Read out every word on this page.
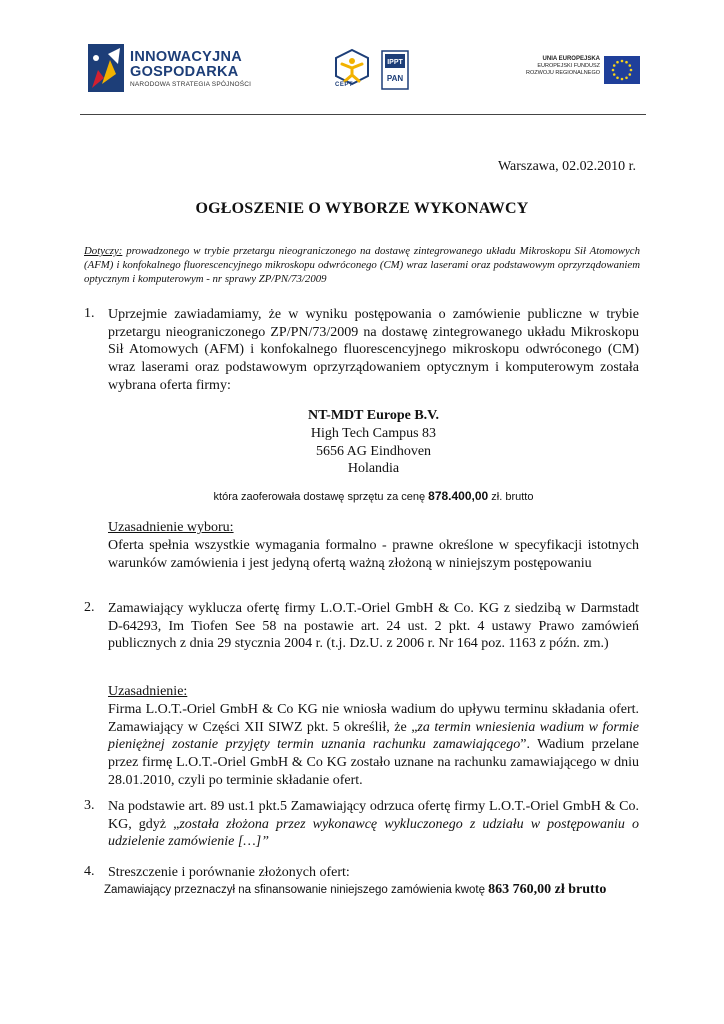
INNOWACYJNA
GOSPODARKA
NARODOWA STRATEGIA SPÓJNOŚCI	CEPT
IPPT
PAN
UNIA EUROPEJSKA
EUROPEJSKI FUNDUSZ
ROZWOJU REGIONALNEGO
Warszawa, 02.02.2010 r.
OGŁOSZENIE O WYBORZE WYKONAWCY
Dotyczy: prowadzonego w trybie przetargu nieograniczonego na dostawę zintegrowanego układu Mikroskopu Sił Atomowych (AFM) i konfokalnego fluorescencyjnego mikroskopu odwróconego (CM) wraz laserami oraz podstawowym oprzyrządowaniem optycznym i komputerowym - nr sprawy ZP/PN/73/2009
1. Uprzejmie zawiadamiamy, że w wyniku postępowania o zamówienie publiczne w trybie przetargu nieograniczonego ZP/PN/73/2009 na dostawę zintegrowanego układu Mikroskopu Sił Atomowych (AFM) i konfokalnego fluorescencyjnego mikroskopu odwróconego (CM) wraz laserami oraz podstawowym oprzyrządowaniem optycznym i komputerowym została wybrana oferta firmy:
NT-MDT Europe B.V.
High Tech Campus 83
5656 AG Eindhoven
Holandia
która zaoferowała dostawę sprzętu za cenę 878.400,00 zł. brutto
Uzasadnienie wyboru:
Oferta spełnia wszystkie wymagania formalno - prawne określone w specyfikacji istotnych warunków zamówienia i jest jedyną ofertą ważną złożoną w niniejszym postępowaniu
2. Zamawiający wyklucza ofertę firmy L.O.T.-Oriel GmbH & Co. KG z siedzibą w Darmstadt D-64293, Im Tiofen See 58 na postawie art. 24 ust. 2 pkt. 4 ustawy Prawo zamówień publicznych z dnia 29 stycznia 2004 r. (t.j. Dz.U. z 2006 r. Nr 164 poz. 1163 z późn. zm.)
Uzasadnienie:
Firma L.O.T.-Oriel GmbH & Co KG nie wniosła wadium do upływu terminu składania ofert. Zamawiający w Części XII SIWZ pkt. 5 określił, że „za termin wniesienia wadium w formie pieniężnej zostanie przyjęty termin uznania rachunku zamawiającego”. Wadium przelane przez firmę L.O.T.-Oriel GmbH & Co KG zostało uznane na rachunku zamawiającego w dniu 28.01.2010, czyli po terminie składanie ofert.
3. Na podstawie art. 89 ust.1 pkt.5 Zamawiający odrzuca ofertę firmy L.O.T.-Oriel GmbH & Co. KG, gdyż „została złożona przez wykonawcę wykluczonego z udziału w postępowaniu o udzielenie zamówienie […]”
4. Streszczenie i porównanie złożonych ofert:
Zamawiający przeznaczył na sfinansowanie niniejszego zamówienia kwotę 863 760,00 zł brutto
